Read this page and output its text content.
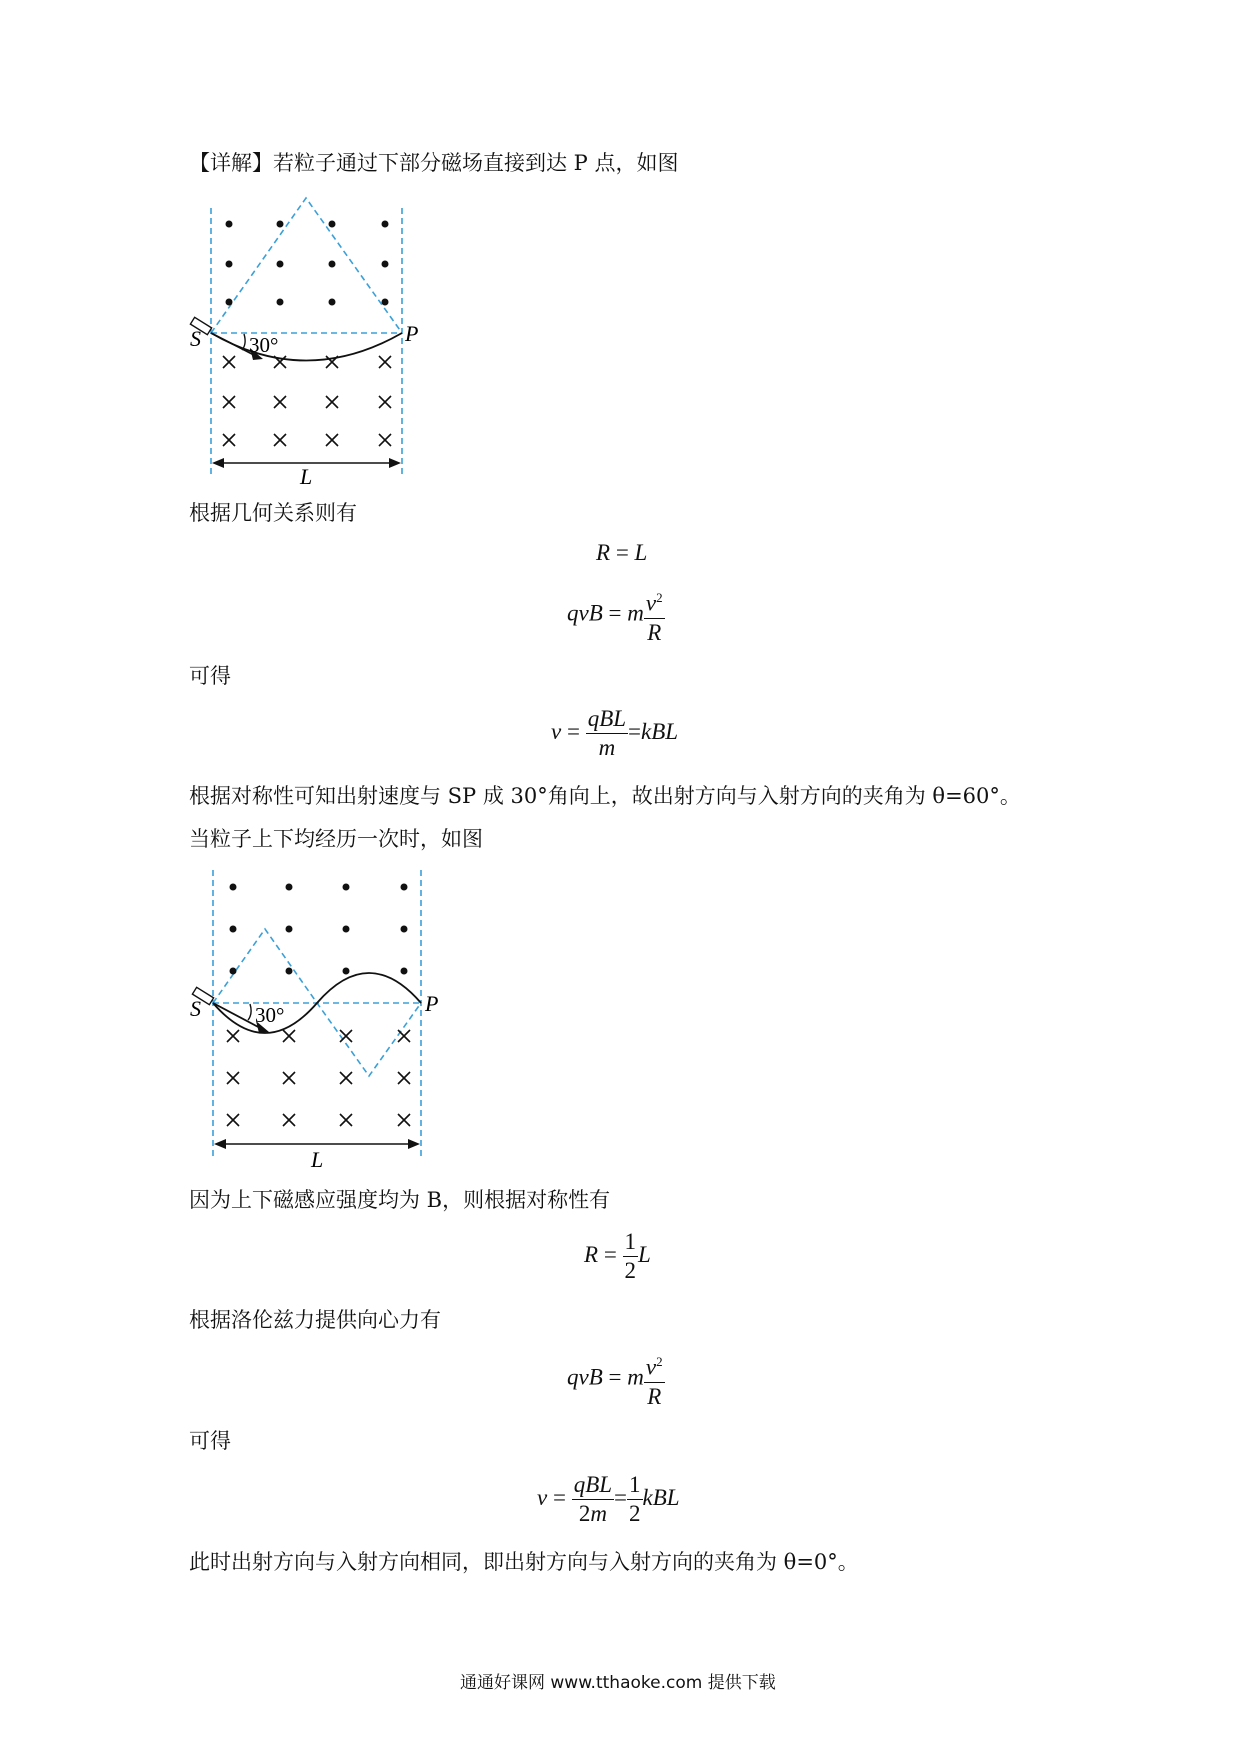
【详解】若粒子通过下部分磁场直接到达 P 点，如图
S	P
30°
L
根据几何关系则有
R = L
qvB = m $\frac{v^2}{R}$
可得
$v = \frac{\text{qBL}}{m} =kBL$
根据对称性可知出射速度与 SP 成 30°角向上，故出射方向与入射方向的夹角为 θ=60°。
当粒子上下均经历一次时，如图
S	P
30°
L
因为上下磁感应强度均为 B，则根据对称性有
$R = \frac{1}{2}$ L
根据洛伦兹力提供向心力有
qvB = m $\frac{v^2}{R}$
可得
$v = \frac{\text{qBL}}{2m} = \frac{1}{2}$ kBL
此时出射方向与入射方向相同，即出射方向与入射方向的夹角为 θ=0°。
通通好课网 www.tthaoke.com 提供下载
